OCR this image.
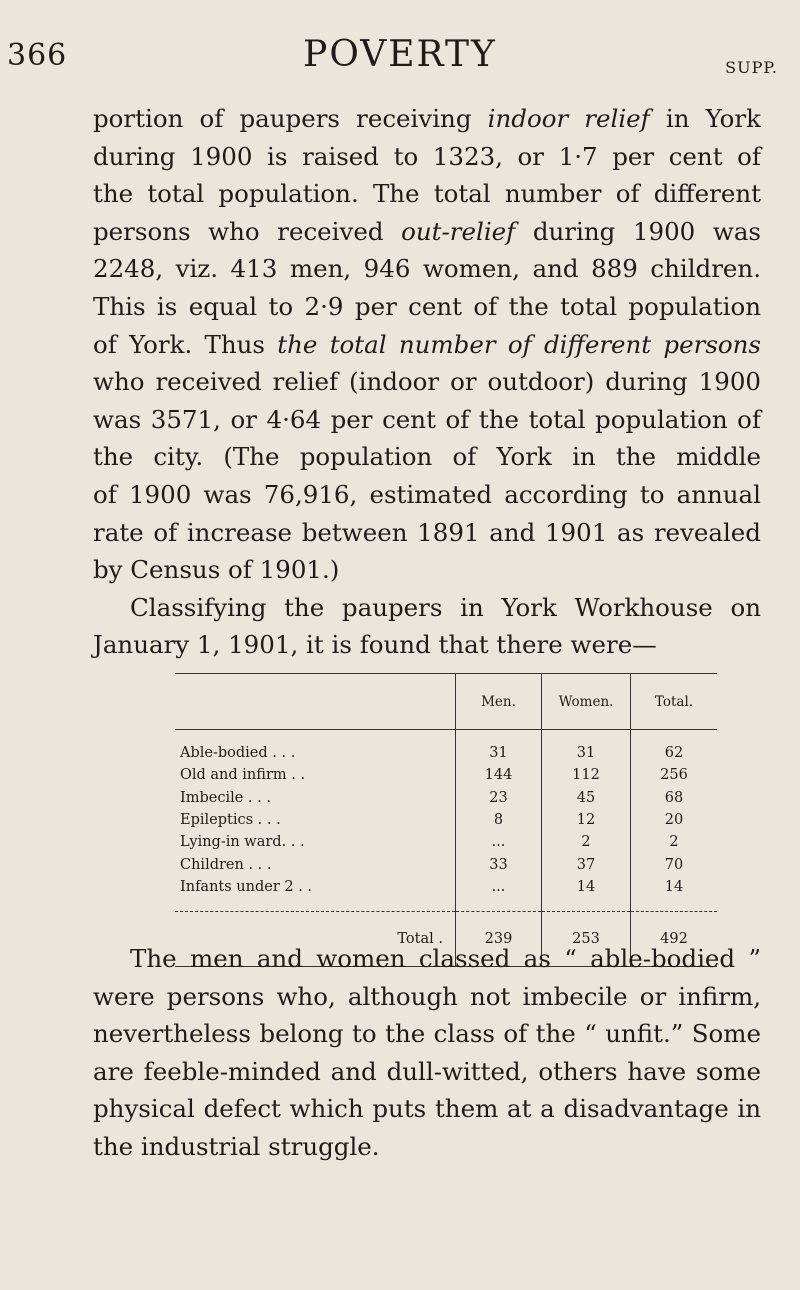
366	POVERTY	SUPP.
portion of paupers receiving indoor relief in York
during 1900 is raised to 1323, or 1·7 per cent of
the total population. The total number of different
persons who received out-relief during 1900 was
2248, viz. 413 men, 946 women, and 889 children.
This is equal to 2·9 per cent of the total population
of York. Thus the total number of different persons
who received relief (indoor or outdoor) during 1900
was 3571, or 4·64 per cent of the total population of
the city. (The population of York in the middle
of 1900 was 76,916, estimated according to annual
rate of increase between 1891 and 1901 as revealed
by Census of 1901.)
Classifying the paupers in York Workhouse on
January 1, 1901, it is found that there were—
	Men.	Women.	Total.
Able-bodied . . .	31	31	62
Old and infirm . .	144	112	256
Imbecile . . .	23	45	68
Epileptics . . .	8	12	20
Lying-in ward. . .	...	2	2
Children . . .	33	37	70
Infants under 2 . .	...	14	14
Total .	239	253	492
The men and women classed as “ able-bodied ”
were persons who, although not imbecile or infirm,
nevertheless belong to the class of the “ unfit.” Some
are feeble-minded and dull-witted, others have some
physical defect which puts them at a disadvantage in
the industrial struggle.
